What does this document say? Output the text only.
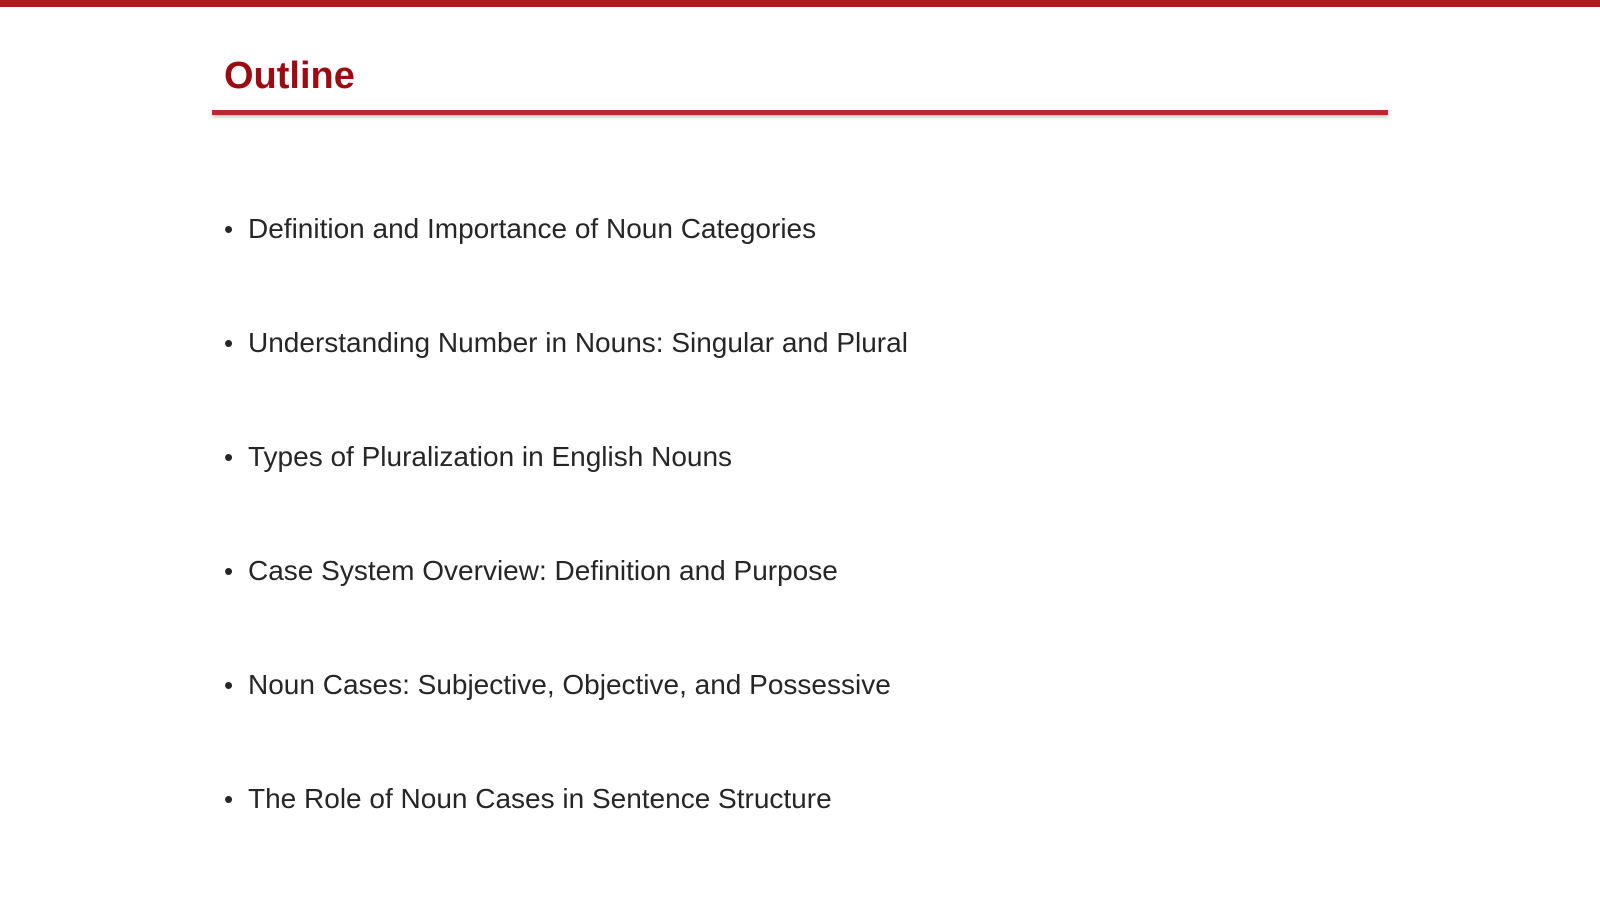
Outline
• Definition and Importance of Noun Categories
• Understanding Number in Nouns: Singular and Plural
• Types of Pluralization in English Nouns
• Case System Overview: Definition and Purpose
• Noun Cases: Subjective, Objective, and Possessive
• The Role of Noun Cases in Sentence Structure
